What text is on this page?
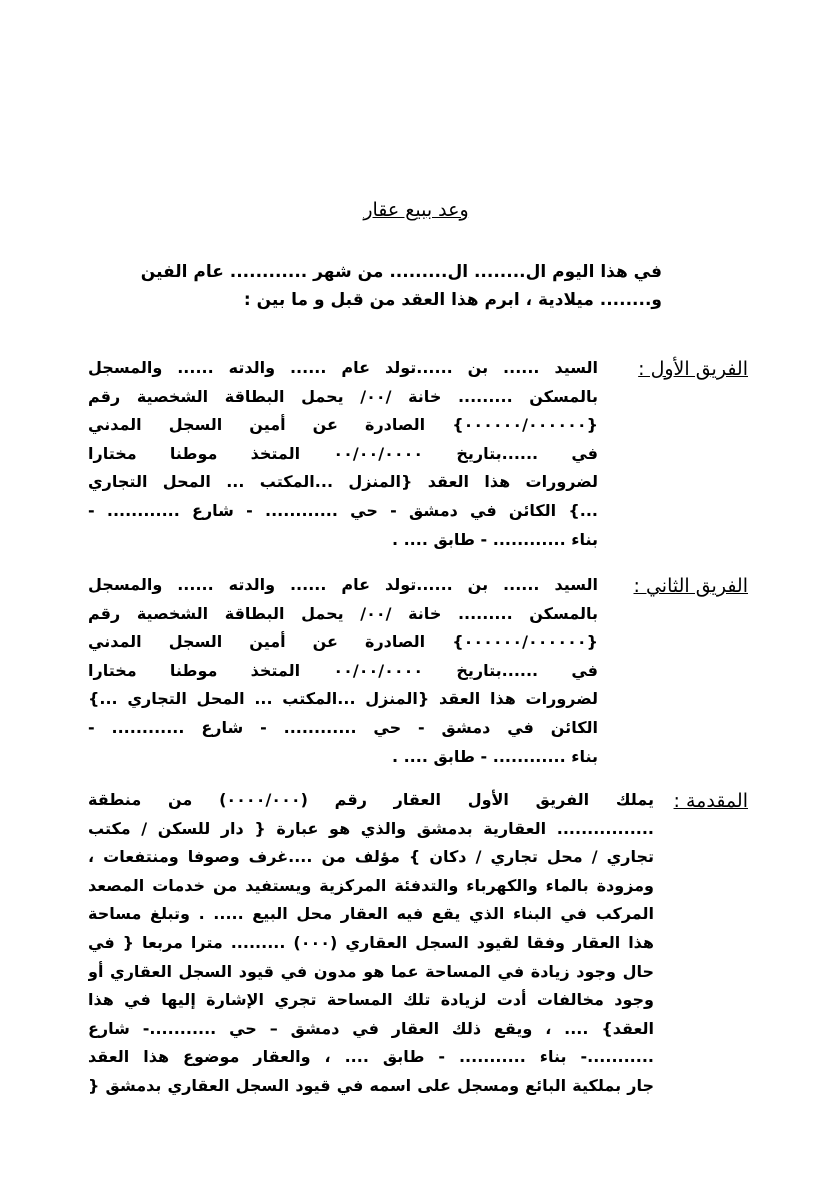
وعد ببيع عقار
في هذا اليوم ال........ ال......... من شهر ............ عام الفين
و........ ميلادية ، ابرم هذا العقد من قبل و ما بين :
الفريق الأول :
السيد ...... بن ......تولد عام ...... والدته ...... والمسجل
بالمسكن ......... خانة /٠٠/ يحمل البطاقة الشخصية رقم
{٠٠٠٠٠٠/٠٠٠٠٠٠} الصادرة عن أمين السجل المدني
في ......بتاريخ ٠٠/٠٠/٠٠٠٠ المتخذ موطنا مختارا
لضرورات هذا العقد {المنزل ...المكتب ... المحل التجاري
...} الكائن في دمشق - حي ............ - شارع ............ -
بناء ............ - طابق .... .
الفريق الثاني :
السيد ...... بن ......تولد عام ...... والدته ...... والمسجل
بالمسكن ......... خانة /٠٠/ يحمل البطاقة الشخصية رقم
{٠٠٠٠٠٠/٠٠٠٠٠٠} الصادرة عن أمين السجل المدني
في ......بتاريخ ٠٠/٠٠/٠٠٠٠ المتخذ موطنا مختارا
لضرورات هذا العقد {المنزل ...المكتب ... المحل التجاري ...}
الكائن في دمشق - حي ............ - شارع ............ -
بناء ............ - طابق .... .
المقدمة :
يملك الفريق الأول العقار رقم (٠٠٠٠/٠٠٠) من منطقة
................ العقارية بدمشق والذي هو عبارة { دار للسكن / مكتب
تجاري / محل تجاري / دكان } مؤلف من ....غرف وصوفا ومنتفعات ،
ومزودة بالماء والكهرباء والتدفئة المركزية ويستفيد من خدمات المصعد
المركب في البناء الذي يقع فيه العقار محل البيع ..... . وتبلغ مساحة
هذا العقار وفقا لقيود السجل العقاري (٠٠٠) ......... مترا مربعا { في
حال وجود زيادة في المساحة عما هو مدون في قيود السجل العقاري أو
وجود مخالفات أدت لزيادة تلك المساحة تجري الإشارة إليها في هذا
العقد} .... ، ويقع ذلك العقار في دمشق – حي ...........- شارع
...........- بناء ........... - طابق .... ، والعقار موضوع هذا العقد
جار بملكية البائع ومسجل على اسمه في قيود السجل العقاري بدمشق {
